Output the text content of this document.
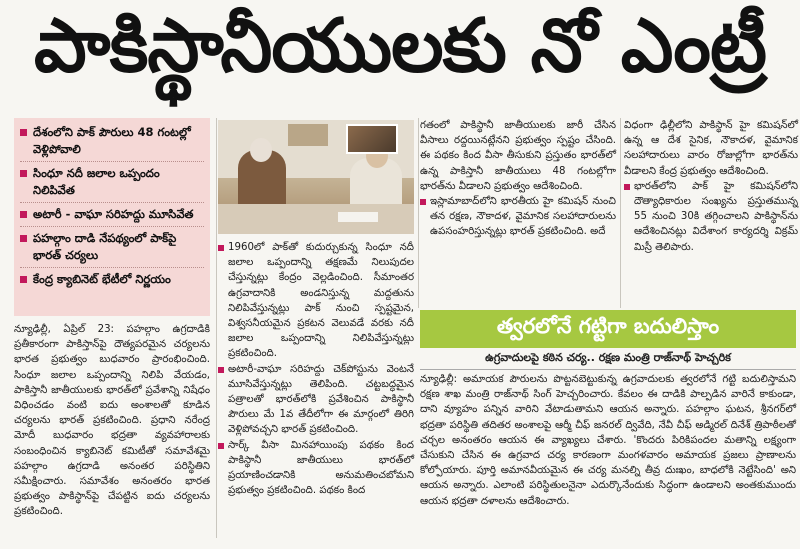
పాకిస్థానీయులకు నో ఎంట్రీ
దేశంలోని పాక్ పౌరులు 48 గంటల్లో వెళ్లిపోవాలి
సింధూ నదీ జలాల ఒప్పందం నిలిపివేత
అటారీ - వాఘా సరిహద్దు మూసివేత
పహల్గాం దాడి నేపథ్యంలో పాక్‌పై భారత్ చర్యలు
కేంద్ర క్యాబినెట్ భేటీలో నిర్ణయం

న్యూఢిల్లీ, ఏప్రిల్ 23: పహల్గాం ఉగ్రదాడికి ప్రతీకారంగా పాకిస్తాన్‌పై దౌత్యపరమైన చర్యలను భారత ప్రభుత్వం బుధవారం ప్రారంభించింది. సింధూ జలాల ఒప్పందాన్ని నిలిపి వేయడం, పాకిస్తానీ జాతీయులకు భారత్‌లో ప్రవేశాన్ని నిషేధం విధించడం వంటి ఐదు అంశాలతో కూడిన చర్యలను భారత్ ప్రకటించింది. ప్రధాని నరేంద్ర మోదీ బుధవారం భద్రతా వ్యవహారాలకు సంబంధించిన క్యాబినెట్ కమిటీతో సమావేశమై పహల్గాం ఉగ్రదాడి అనంతర పరిస్థితిని సమీక్షించారు. సమావేశం అనంతరం భారత ప్రభుత్వం పాకిస్థాన్‌పై చేపట్టిన ఐదు చర్యలను ప్రకటించింది.

1960లో పాక్‌తో కుదుర్చుకున్న సింధూ నదీ జలాల ఒప్పందాన్ని తక్షణమే నిలుపుదల చేస్తున్నట్లు కేంద్రం వెల్లడించింది. సీమాంతర ఉగ్రవాదానికి అండనిస్తున్న మద్దతును నిలిపివేస్తున్నట్లు పాక్ నుంచి స్పష్టమైన, విశ్వసనీయమైన ప్రకటన వెలువడే వరకు నదీ జలాల ఒప్పందాన్ని నిలిపివేస్తున్నట్లు ప్రకటించింది.

అటారీ-వాఘా సరిహద్దు చెక్‌పోస్టును వెంటనే మూసివేస్తున్నట్లు తెలిపింది. చట్టబద్ధమైన పత్రాలతో భారత్‌లోకి ప్రవేశించిన పాకిస్థానీ పౌరులు మే 1వ తేదీలోగా ఈ మార్గంలో తిరిగి వెళ్లిపోవచ్చని భారత్ ప్రకటించింది.

సార్క్ వీసా మినహాయింపు పథకం కింద పాకిస్థానీ జాతీయులు భారత్‌లో ప్రయాణించడానికి అనుమతించబోమని ప్రభుత్వం ప్రకటించింది. పథకం కింద

గతంలో పాకిస్థానీ జాతీయులకు జారీ చేసిన వీసాలు రద్దయినట్లేనని ప్రభుత్వం స్పష్టం చేసింది. ఈ పథకం కింద వీసా తీసుకుని ప్రస్తుతం భారత్‌లో ఉన్న పాకిస్తానీ జాతీయులు 48 గంటల్లోగా భారత్‌ను వీడాలని ప్రభుత్వం ఆదేశించింది.

ఇస్లామాబాద్‌లోని భారతీయ హై కమిషన్ నుంచి తన రక్షణ, నౌకాదళ, వైమానిక సలహాదారులను ఉపసంహరిస్తున్నట్లు భారత్ ప్రకటించింది. అదే

విధంగా ఢిల్లీలోని పాకిస్థాన్ హై కమిషన్‌లో ఉన్న ఆ దేశ సైనిక, నౌకాదళ, వైమానిక సలహాదారులు వారం రోజుల్లోగా భారత్‌ను వీడాలని కేంద్ర ప్రభుత్వం ఆదేశించింది.

భారత్‌లోని పాక్ హై కమిషన్‌లోని దౌత్యాధికారుల సంఖ్యను ప్రస్తుతమున్న 55 నుంచి 30కి తగ్గించాలని పాకిస్థాన్‌ను ఆదేశించినట్లు విదేశాంగ కార్యదర్శి విక్రమ్ మిస్రీ తెలిపారు.

త్వరలోనే గట్టిగా బదులిస్తాం
ఉగ్రవాదులపై కఠిన చర్య.. రక్షణ మంత్రి రాజ్‌నాథ్ హెచ్చరిక

న్యూఢిల్లీ: అమాయక పౌరులను పొట్టనబెట్టుకున్న ఉగ్రవాదులకు త్వరలోనే గట్టి బదులిస్తామని రక్షణ శాఖ మంత్రి రాజ్‌నాథ్ సింగ్ హెచ్చరించారు. కేవలం ఈ దాడికి పాల్పడిన వారినే కాకుండా, దాని వ్యూహం పన్నిన వారిని వేటాడుతామని ఆయన అన్నారు. పహల్గాం ఘటన, శ్రీనగర్‌లో భద్రతా పరిస్థితి తదితర అంశాలపై ఆర్మీ చీఫ్ జనరల్ ద్వివేది, నేవీ చీఫ్ అడ్మిరల్ దినేశ్ త్రిపాఠీలతో చర్చల అనంతరం ఆయన ఈ వ్యాఖ్యలు చేశారు. 'కొందరు పిరికిపందల మతాన్ని లక్ష్యంగా చేసుకుని చేసిన ఈ ఉగ్రవాద చర్య కారణంగా మంగళవారం అమాయక ప్రజలు ప్రాణాలను కోల్పోయారు. పూర్తి అమానవీయమైన ఈ చర్య మనల్ని తీవ్ర దుఃఖం, బాధలోకి నెట్టేసింది' అని ఆయన అన్నారు. ఎలాంటి పరిస్థితులనైనా ఎదుర్కొనేందుకు సిద్ధంగా ఉండాలని అంతకుముందు ఆయన భద్రతా దళాలను ఆదేశించారు.
